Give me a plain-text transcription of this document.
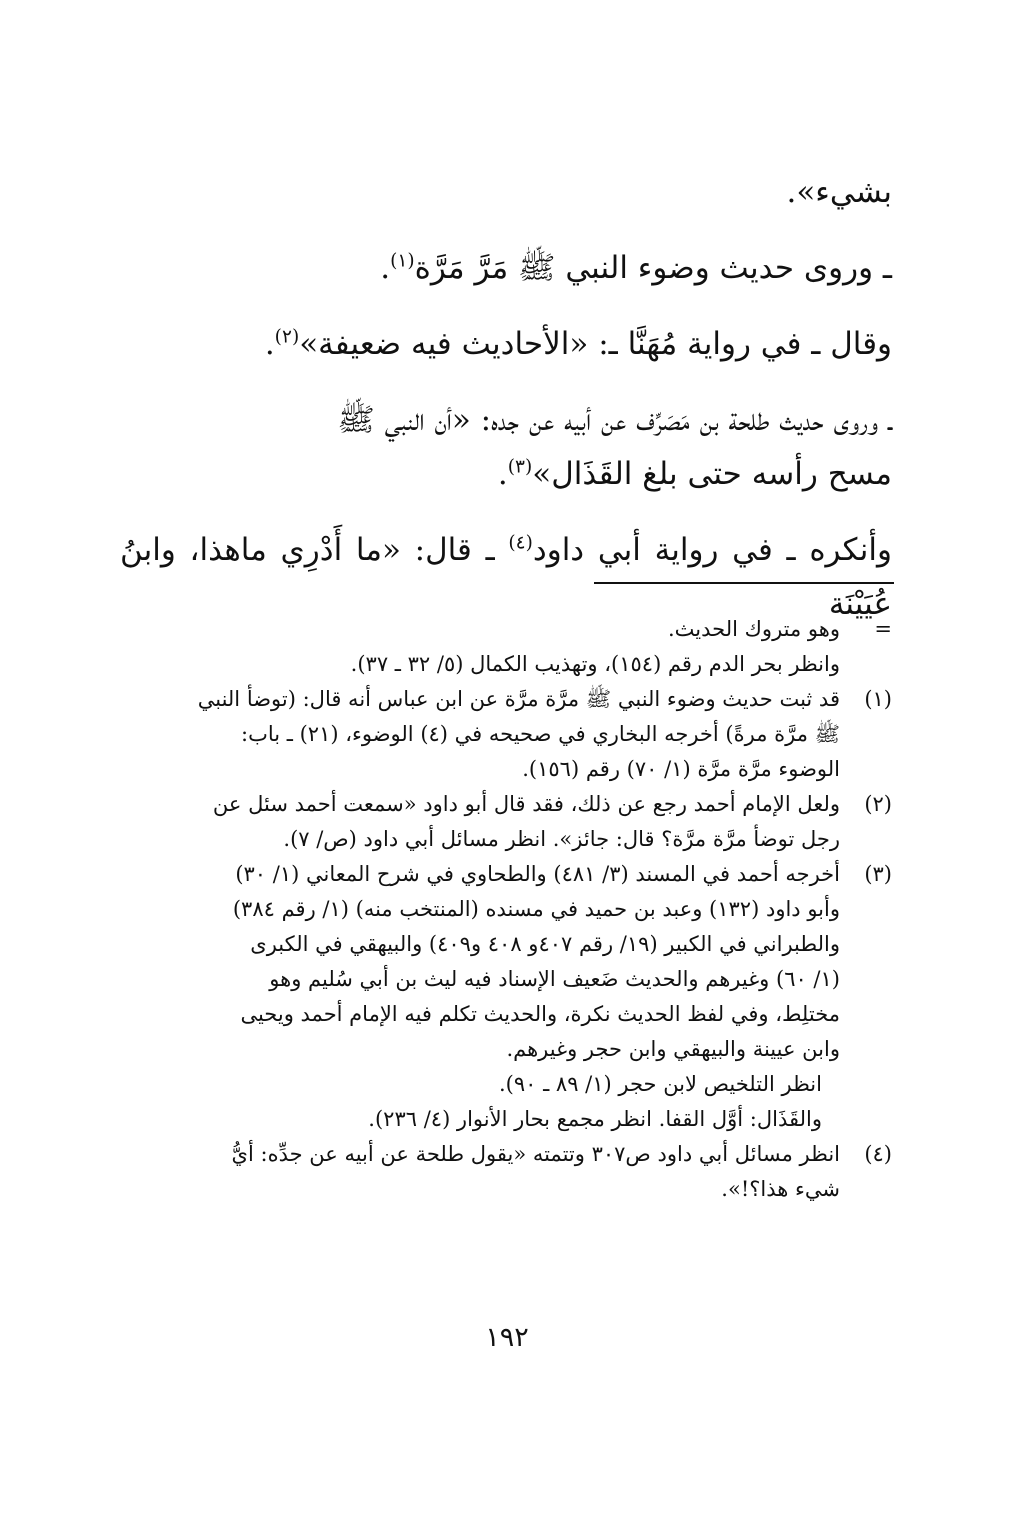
بشيء».

ـ وروى حديث وضوء النبي ﷺ مَرَّ مَرَّة$^{(١)}$.

وقال ـ في رواية مُهَنَّا ـ: «الأحاديث فيه ضعيفة»$^{(٢)}$.

ـ وروى حديث طلحة بن مَصَرِّف عن أبيه عن جده: «أن النبي ﷺ
مسح رأسه حتى بلغ القَذَال»$^{(٣)}$.

وأنكره ـ في رواية أبي داود$^{(٤)}$ ـ قال: «ما أَدْرِي ماهذا، وابنُ عُيَيْنَة

=
وهو متروك الحديث.
وانظر بحر الدم رقم (١٥٤)، وتهذيب الكمال (٥/ ٣٢ ـ ٣٧).
(١)
قد ثبت حديث وضوء النبي ﷺ مرَّة مرَّة عن ابن عباس أنه قال: (توضأ النبي
ﷺ مرَّة مرةً) أخرجه البخاري في صحيحه في (٤) الوضوء، (٢١) ـ باب:
الوضوء مرَّة مرَّة (١/ ٧٠) رقم (١٥٦).
(٢)
ولعل الإمام أحمد رجع عن ذلك، فقد قال أبو داود «سمعت أحمد سئل عن
رجل توضأ مرَّة مرَّة؟ قال: جائز». انظر مسائل أبي داود (ص/ ٧).
(٣)
أخرجه أحمد في المسند (٣/ ٤٨١) والطحاوي في شرح المعاني (١/ ٣٠)
وأبو داود (١٣٢) وعبد بن حميد في مسنده (المنتخب منه) (١/ رقم ٣٨٤)
والطبراني في الكبير (١٩/ رقم ٤٠٧و ٤٠٨ و٤٠٩) والبيهقي في الكبرى
(١/ ٦٠) وغيرهم والحديث ضَعيف الإسناد فيه ليث بن أبي سُليم وهو
مختلِط، وفي لفظ الحديث نكرة، والحديث تكلم فيه الإمام أحمد ويحيى
وابن عيينة والبيهقي وابن حجر وغيرهم.
انظر التلخيص لابن حجر (١/ ٨٩ ـ ٩٠).
والقَذَال: أوَّل القفا. انظر مجمع بحار الأنوار (٤/ ٢٣٦).
(٤)
انظر مسائل أبي داود ص٣٠٧ وتتمته «يقول طلحة عن أبيه عن جدِّه: أيُّ
شيء هذا؟!».
١٩٢
